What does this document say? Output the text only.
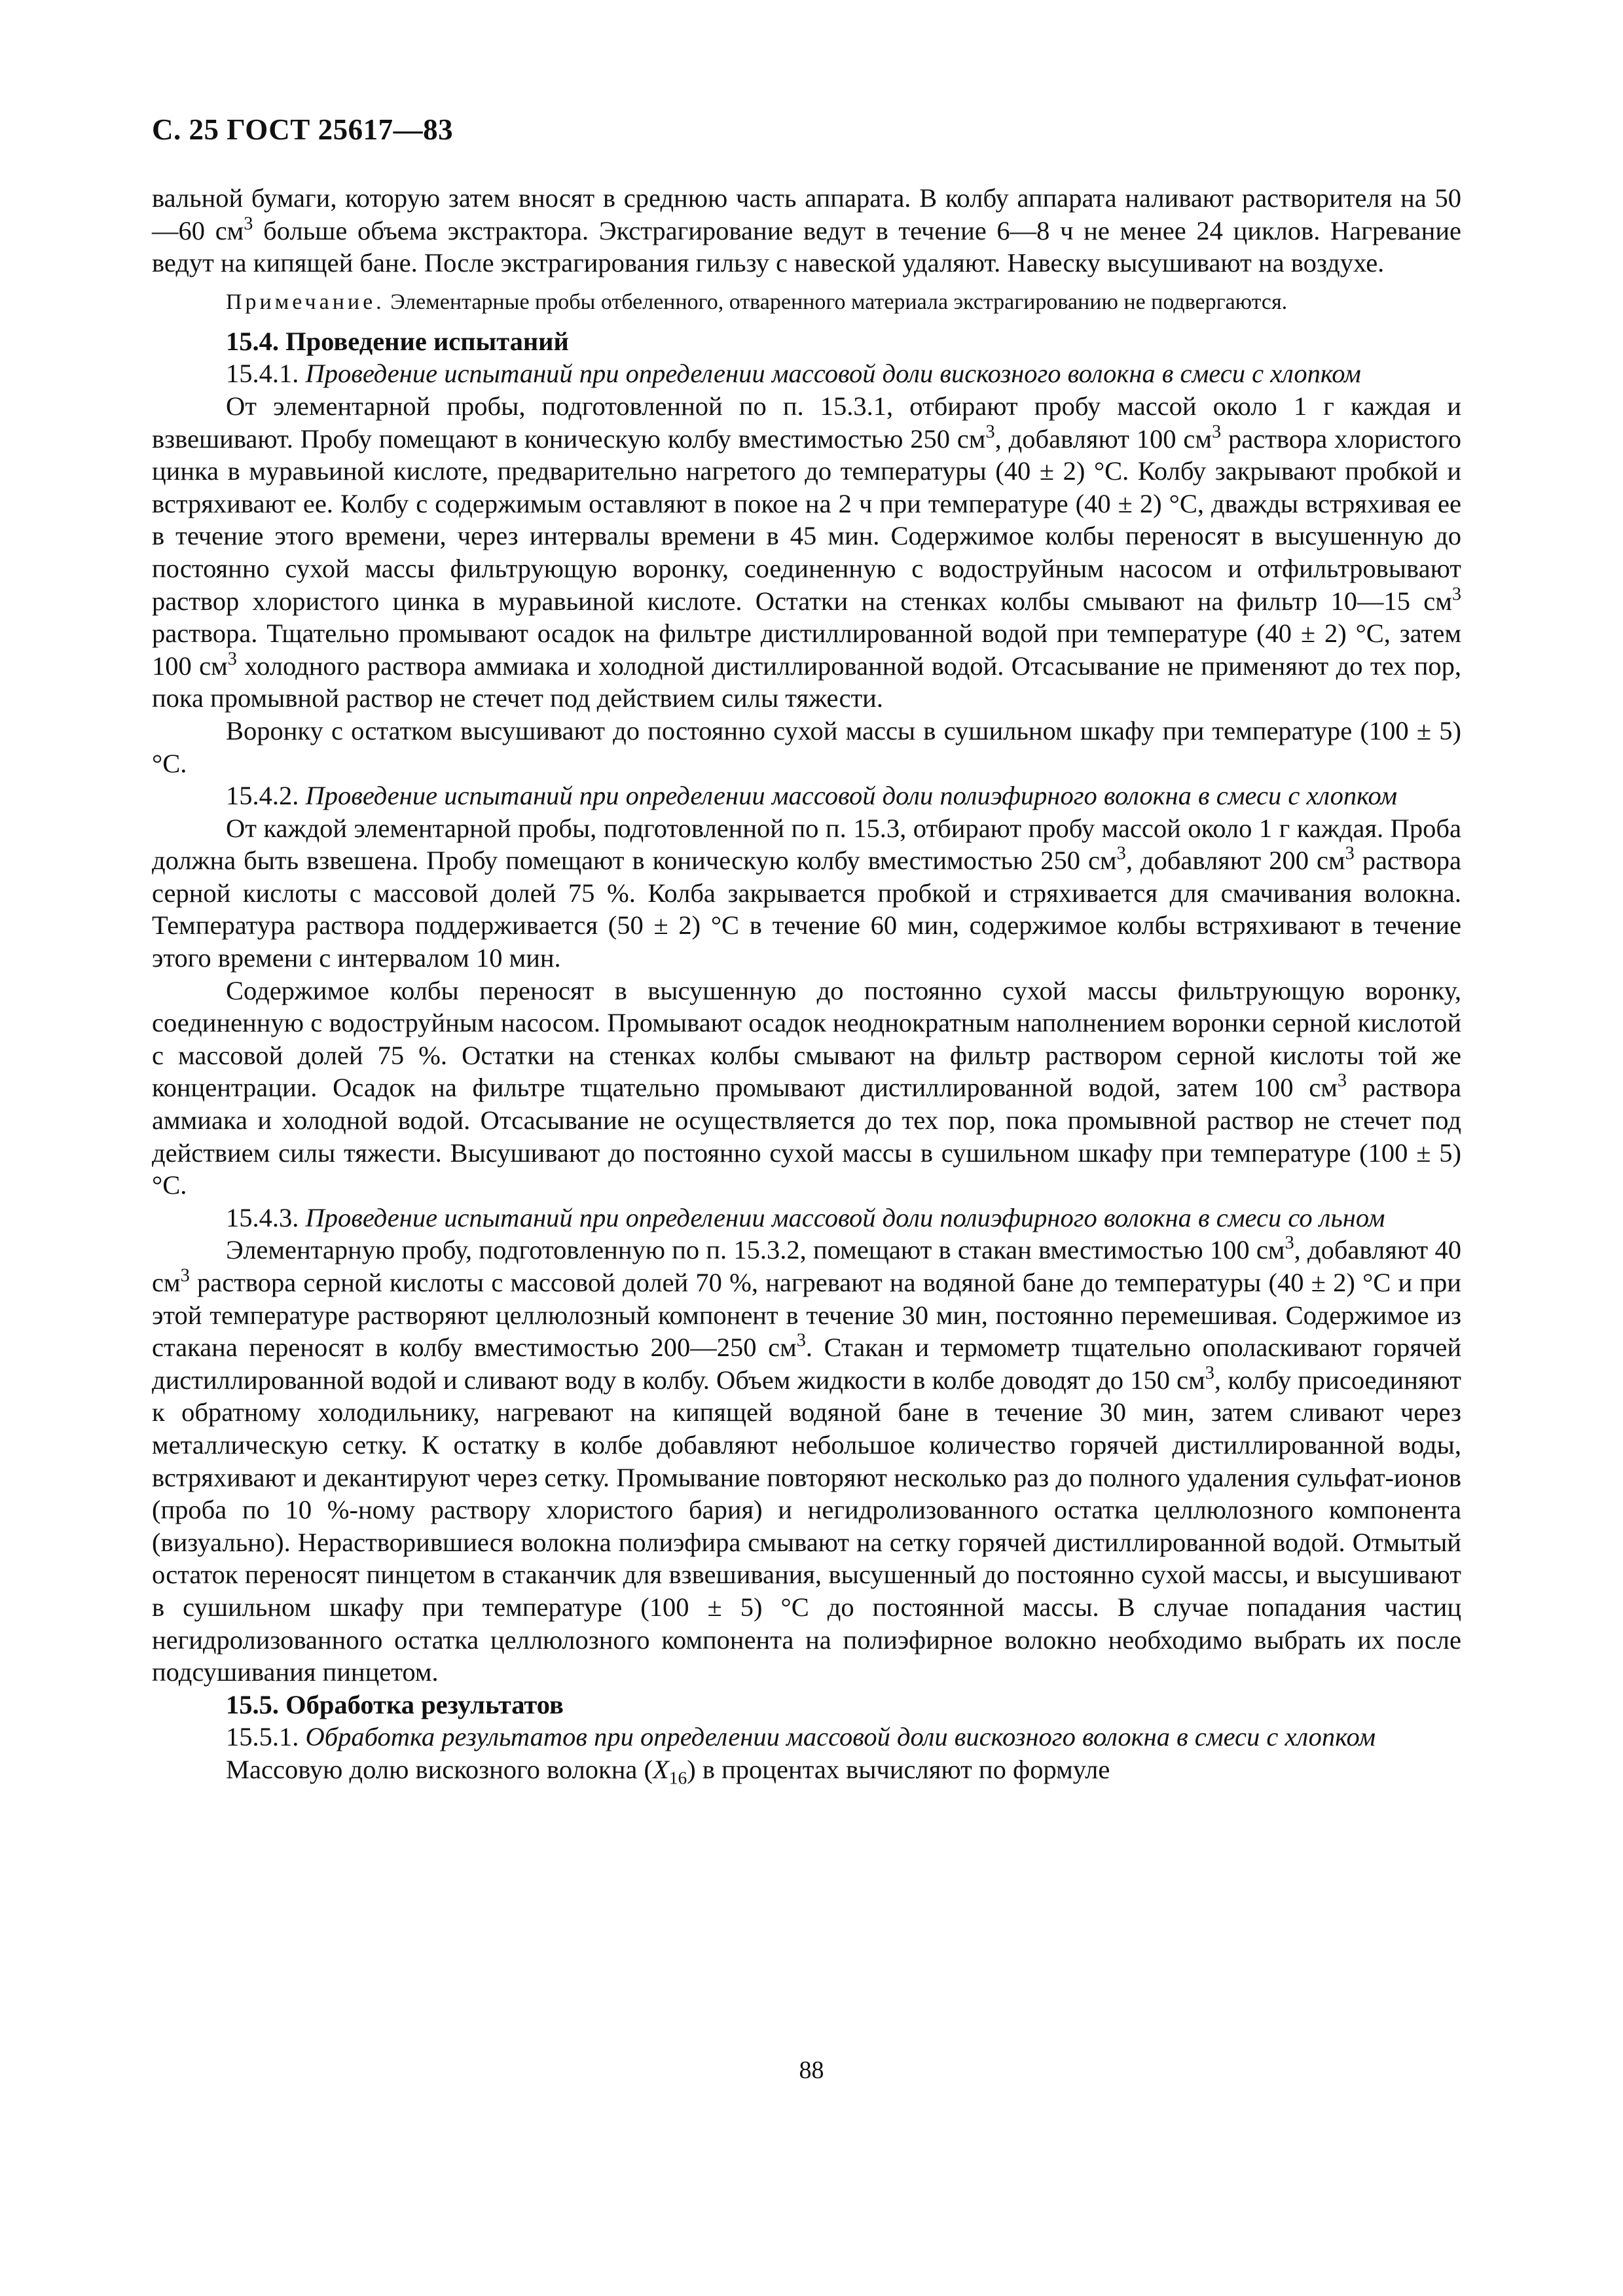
С. 25 ГОСТ 25617—83

вальной бумаги, которую затем вносят в среднюю часть аппарата. В колбу аппарата наливают растворителя на 50—60 $см^3$ больше объема экстрактора. Экстрагирование ведут в течение 6—8 ч не менее 24 циклов. Нагревание ведут на кипящей бане. После экстрагирования гильзу с навеской удаляют. Навеску высушивают на воздухе.

Примечание. Элементарные пробы отбеленного, отваренного материала экстрагированию не подвергаются.

15.4. Проведение испытаний

15.4.1. Проведение испытаний при определении массовой доли вискозного волокна в смеси с хлопком

От элементарной пробы, подготовленной по п. 15.3.1, отбирают пробу массой около 1 г каждая и взвешивают. Пробу помещают в коническую колбу вместимостью 250 $см^3$, добавляют 100 $см^3$ раствора хлористого цинка в муравьиной кислоте, предварительно нагретого до температуры (40 ± 2) °С. Колбу закрывают пробкой и встряхивают ее. Колбу с содержимым оставляют в покое на 2 ч при температуре (40 ± 2) °С, дважды встряхивая ее в течение этого времени, через интервалы времени в 45 мин. Содержимое колбы переносят в высушенную до постоянно сухой массы фильтрующую воронку, соединенную с водоструйным насосом и отфильтровывают раствор хлористого цинка в муравьиной кислоте. Остатки на стенках колбы смывают на фильтр 10—15 $см^3$ раствора. Тщательно промывают осадок на фильтре дистиллированной водой при температуре (40 ± 2) °С, затем 100 $см^3$ холодного раствора аммиака и холодной дистиллированной водой. Отсасывание не применяют до тех пор, пока промывной раствор не стечет под действием силы тяжести.

Воронку с остатком высушивают до постоянно сухой массы в сушильном шкафу при температуре (100 ± 5) °С.

15.4.2. Проведение испытаний при определении массовой доли полиэфирного волокна в смеси с хлопком

От каждой элементарной пробы, подготовленной по п. 15.3, отбирают пробу массой около 1 г каждая. Проба должна быть взвешена. Пробу помещают в коническую колбу вместимостью 250 $см^3$, добавляют 200 $см^3$ раствора серной кислоты с массовой долей 75 %. Колба закрывается пробкой и стряхивается для смачивания волокна. Температура раствора поддерживается (50 ± 2) °С в течение 60 мин, содержимое колбы встряхивают в течение этого времени с интервалом 10 мин.

Содержимое колбы переносят в высушенную до постоянно сухой массы фильтрующую воронку, соединенную с водоструйным насосом. Промывают осадок неоднократным наполнением воронки серной кислотой с массовой долей 75 %. Остатки на стенках колбы смывают на фильтр раствором серной кислоты той же концентрации. Осадок на фильтре тщательно промывают дистиллированной водой, затем 100 $см^3$ раствора аммиака и холодной водой. Отсасывание не осуществляется до тех пор, пока промывной раствор не стечет под действием силы тяжести. Высушивают до постоянно сухой массы в сушильном шкафу при температуре (100 ± 5) °С.

15.4.3. Проведение испытаний при определении массовой доли полиэфирного волокна в смеси со льном

Элементарную пробу, подготовленную по п. 15.3.2, помещают в стакан вместимостью 100 $см^3$, добавляют 40 $см^3$ раствора серной кислоты с массовой долей 70 %, нагревают на водяной бане до температуры (40 ± 2) °С и при этой температуре растворяют целлюлозный компонент в течение 30 мин, постоянно перемешивая. Содержимое из стакана переносят в колбу вместимостью 200—250 $см^3$. Стакан и термометр тщательно ополаскивают горячей дистиллированной водой и сливают воду в колбу. Объем жидкости в колбе доводят до 150 $см^3$, колбу присоединяют к обратному холодильнику, нагревают на кипящей водяной бане в течение 30 мин, затем сливают через металлическую сетку. К остатку в колбе добавляют небольшое количество горячей дистиллированной воды, встряхивают и декантируют через сетку. Промывание повторяют несколько раз до полного удаления сульфат-ионов (проба по 10 %-ному раствору хлористого бария) и негидролизованного остатка целлюлозного компонента (визуально). Нерастворившиеся волокна полиэфира смывают на сетку горячей дистиллированной водой. Отмытый остаток переносят пинцетом в стаканчик для взвешивания, высушенный до постоянно сухой массы, и высушивают в сушильном шкафу при температуре (100 ± 5) °С до постоянной массы. В случае попадания частиц негидролизованного остатка целлюлозного компонента на полиэфирное волокно необходимо выбрать их после подсушивания пинцетом.

15.5. Обработка результатов

15.5.1. Обработка результатов при определении массовой доли вискозного волокна в смеси с хлопком

Массовую долю вискозного волокна $(X_{16})$ в процентах вычисляют по формуле

88
